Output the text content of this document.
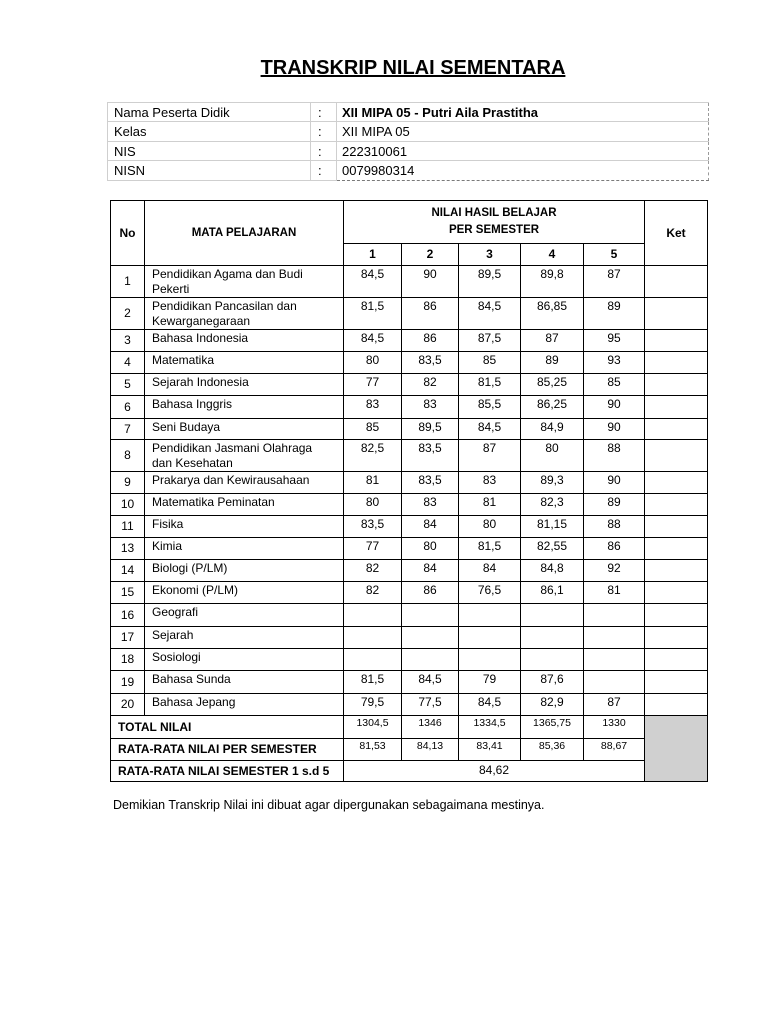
TRANSKRIP NILAI SEMENTARA
Nama Peserta Didik	:	XII MIPA 05 - Putri Aila Prastitha
Kelas	:	XII MIPA 05
NIS	:	222310061
NISN	:	0079980314
No	MATA PELAJARAN	NILAI HASIL BELAJAR
PER SEMESTER					Ket
		1	2	3	4	5	
1	Pendidikan Agama dan Budi Pekerti	84,5	90	89,5	89,8	87	
2	Pendidikan Pancasilan dan Kewarganegaraan	81,5	86	84,5	86,85	89	
3	Bahasa Indonesia	84,5	86	87,5	87	95	
4	Matematika	80	83,5	85	89	93	
5	Sejarah Indonesia	77	82	81,5	85,25	85	
6	Bahasa Inggris	83	83	85,5	86,25	90	
7	Seni Budaya	85	89,5	84,5	84,9	90	
8	Pendidikan Jasmani Olahraga dan Kesehatan	82,5	83,5	87	80	88	
9	Prakarya dan Kewirausahaan	81	83,5	83	89,3	90	
10	Matematika Peminatan	80	83	81	82,3	89	
11	Fisika	83,5	84	80	81,15	88	
13	Kimia	77	80	81,5	82,55	86	
14	Biologi (P/LM)	82	84	84	84,8	92	
15	Ekonomi (P/LM)	82	86	76,5	86,1	81	
16	Geografi						
17	Sejarah						
18	Sosiologi						
19	Bahasa Sunda	81,5	84,5	79	87,6		
20	Bahasa Jepang	79,5	77,5	84,5	82,9	87	
TOTAL NILAI		1304,5	1346	1334,5	1365,75	1330	
RATA-RATA NILAI PER SEMESTER		81,53	84,13	83,41	85,36	88,67	
RATA-RATA NILAI SEMESTER 1 s.d 5		84,62					
Demikian Transkrip Nilai ini dibuat agar dipergunakan sebagaimana mestinya.
